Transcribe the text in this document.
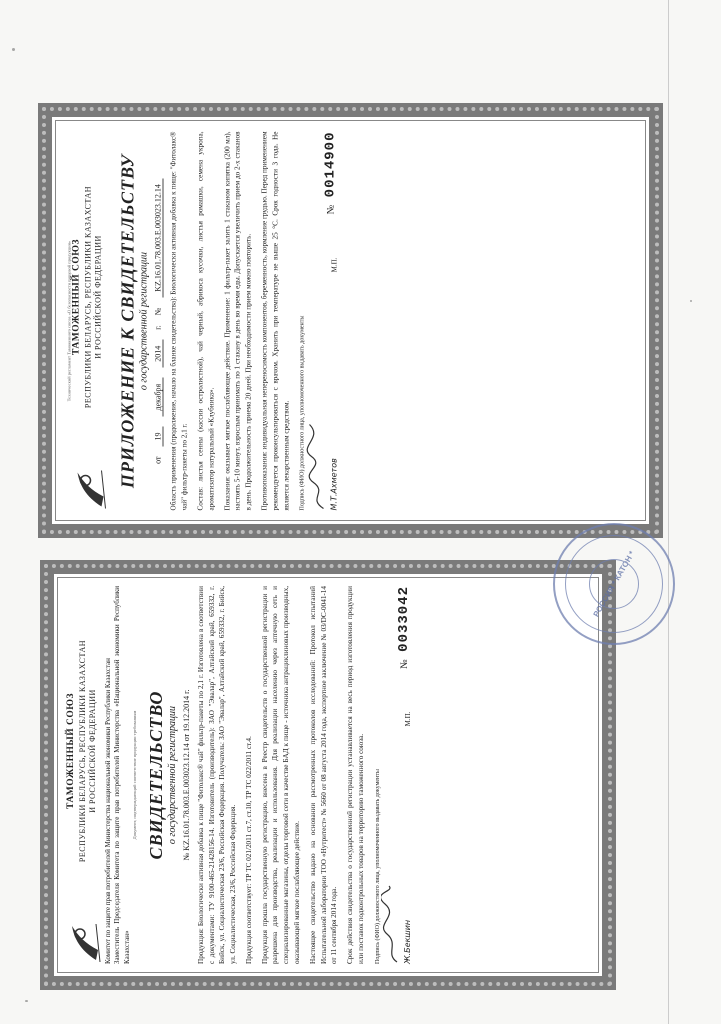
Технический регламент Таможенного союза «О безопасности пищевой продукции» ТАМОЖЕННЫЙ СОЮЗ РЕСПУБЛИКИ БЕЛАРУСЬ, РЕСПУБЛИКИ КАЗАХСТАН И РОССИЙСКОЙ ФЕДЕРАЦИИ ПРИЛОЖЕНИЕ К СВИДЕТЕЛЬСТВУ о государственной регистрации
от
19
декабря
2014
г.
№
KZ.16.01.78.003.E.003023.12.14 Область применения (продолжение, начало на бланке свидетельства): Биологически активная добавка к пище: "Фитолакс® чай" фильтр-пакеты по 2,1 г. Состав: листья сенны (кассии остролистной), чай черный, абрикоса кусочки, листья ромашки, семена укропа, ароматизатор натуральный «Клубника». Показания: оказывает мягкое послабляющее действие. Применение: 1 фильтр-пакет залить 1 стаканом кипятка (200 мл), настоять 5-10 минут, взрослым принимать по 1 стакану в день во время еды. Допускается увеличить прием до 2-х стаканов в день. Продолжительность приема 20 дней. При необходимости прием можно повторить. Противопоказания: индивидуальная непереносимость компонентов, беременность, кормление грудью. Перед применением рекомендуется проконсультироваться с врачом. Хранить при температуре не выше 25 °С. Срок годности 3 года. Не является лекарственным средством. Подпись (ФИО) должностного лица, уполномоченного выдавать документы	М.Т.Ахметов
М.П.
№ 0014900
ТАМОЖЕННЫЙ СОЮЗ РЕСПУБЛИКИ БЕЛАРУСЬ, РЕСПУБЛИКИ КАЗАХСТАН И РОССИЙСКОЙ ФЕДЕРАЦИИ Комитет по защите прав потребителей Министерства национальной экономики Республики Казахстан Заместитель Председателя Комитета по защите прав потребителей Министерства «Национальной экономики Республики Казахстан»
Документ, подтверждающий соответствие продукции требованиям СВИДЕТЕЛЬСТВО о государственной регистрации № KZ.16.01.78.003.E.003023.12.14 от 19.12.2014 г. Продукция: Биологически активная добавка к пище "Фитолакс® чай" фильтр-пакеты по 2,1 г. Изготовлена в соответствии с документами: ТУ 9100-465-21428156-14. Изготовитель (производитель): ЗАО "Эвалар", Алтайский край, 659332, г. Бийск, ул. Социалистическая 23/6, Российская Федерация. Получатель: ЗАО "Эвалар", Алтайский край, 659332, г. Бийск, ул. Социалистическая, 23/6, Российская Федерация. Продукция соответствует: ТР ТС 021/2011 ст.7, ст.10, ТР ТС 022/2011 ст.4. Продукция прошла государственную регистрацию, внесена в Реестр свидетельств о государственной регистрации и разрешена для производства, реализации и использования. Для реализации населению через аптечную сеть и специализированные магазины, отделы торговой сети в качестве БАД к пище - источника антрациклиновых производных, оказывающей мягкое послабляющее действие. Настоящее свидетельство выдано на основании рассмотренных протоколов исследований: Протокол испытаний Испытательной лаборатории ТОО «Нутритест» № 5660 от 08 августа 2014 года, экспертное заключение № 03/DC-0041-14 от 11 сентября 2014 года. Срок действия свидетельства о государственной регистрации устанавливается на весь период изготовления продукции или поставок подконтрольных товаров на территорию таможенного союза. Подпись (ФИО) должностного лица, уполномоченного выдавать документы	Ж.Бекшин
М.П.
№ 0033042
РОССИЯ * КАТОН *
